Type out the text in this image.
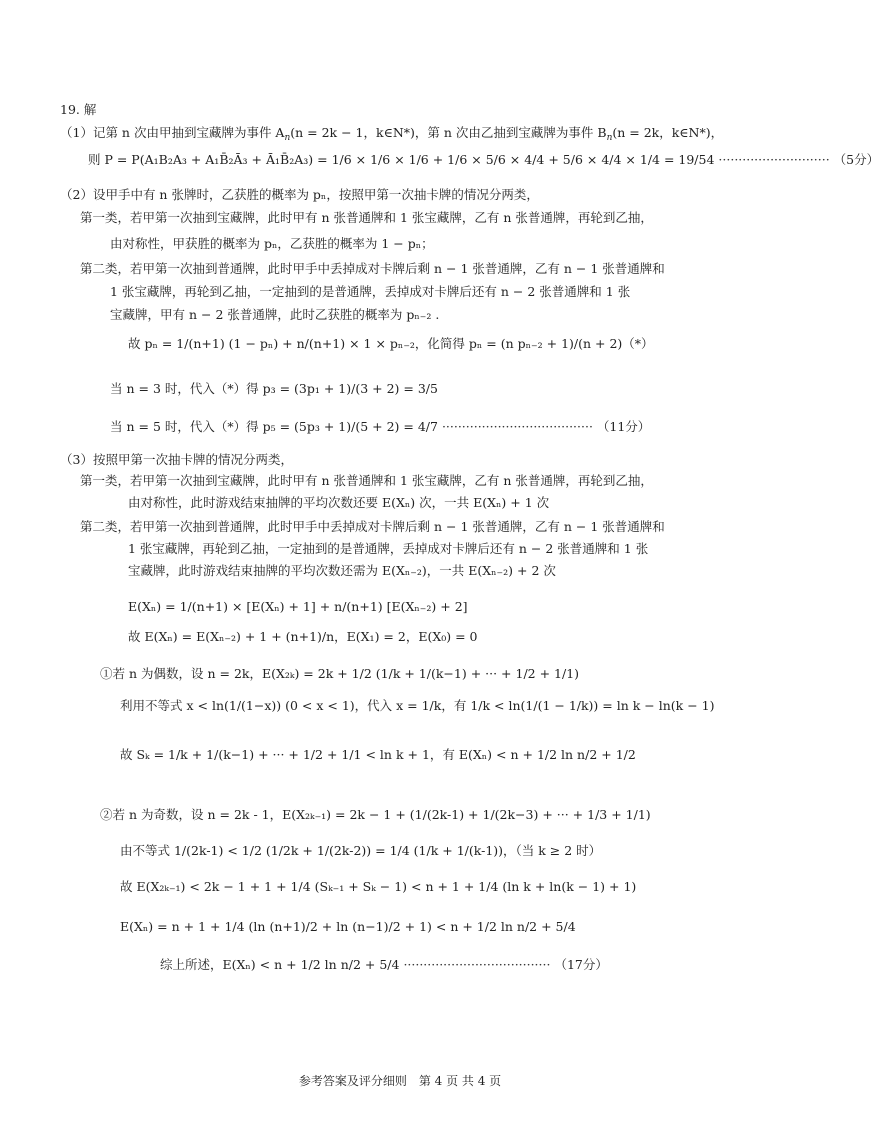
19. 解
（1）记第 n 次由甲抽到宝藏牌为事件 $A_n(n = 2k - 1$，k∈N*)，第 n 次由乙抽到宝藏牌为事件 $B_n(n = 2k$，k∈N*)，
则 P = P(A₁B₂A₃ + A₁B̄₂Ā₃ + Ā₁B̄₂A₃) = 1/6 × 1/6 × 1/6 + 1/6 × 5/6 × 4/4 + 5/6 × 4/4 × 1/4 = 19/54 ···························· （5分）
（2）设甲手中有 n 张牌时，乙获胜的概率为 pₙ，按照甲第一次抽卡牌的情况分两类，
第一类，若甲第一次抽到宝藏牌，此时甲有 n 张普通牌和 1 张宝藏牌，乙有 n 张普通牌，再轮到乙抽，
由对称性，甲获胜的概率为 pₙ，乙获胜的概率为 1 − pₙ；
第二类，若甲第一次抽到普通牌，此时甲手中丢掉成对卡牌后剩 n − 1 张普通牌，乙有 n − 1 张普通牌和
1 张宝藏牌，再轮到乙抽，一定抽到的是普通牌，丢掉成对卡牌后还有 n − 2 张普通牌和 1 张
宝藏牌，甲有 n − 2 张普通牌，此时乙获胜的概率为 pₙ₋₂ .
故 pₙ = 1/(n+1) (1 − pₙ) + n/(n+1) × 1 × pₙ₋₂，化简得 pₙ = (n pₙ₋₂ + 1)/(n + 2)（*）
当 n = 3 时，代入（*）得 p₃ = (3p₁ + 1)/(3 + 2) = 3/5
当 n = 5 时，代入（*）得 p₅ = (5p₃ + 1)/(5 + 2) = 4/7 ······································ （11分）
（3）按照甲第一次抽卡牌的情况分两类，
第一类，若甲第一次抽到宝藏牌，此时甲有 n 张普通牌和 1 张宝藏牌，乙有 n 张普通牌，再轮到乙抽，
由对称性，此时游戏结束抽牌的平均次数还要 E(Xₙ) 次，一共 E(Xₙ) + 1 次
第二类，若甲第一次抽到普通牌，此时甲手中丢掉成对卡牌后剩 n − 1 张普通牌，乙有 n − 1 张普通牌和
1 张宝藏牌，再轮到乙抽，一定抽到的是普通牌，丢掉成对卡牌后还有 n − 2 张普通牌和 1 张
宝藏牌，此时游戏结束抽牌的平均次数还需为 E(Xₙ₋₂)，一共 E(Xₙ₋₂) + 2 次
E(Xₙ) = 1/(n+1) × [E(Xₙ) + 1] + n/(n+1) [E(Xₙ₋₂) + 2]
故 E(Xₙ) = E(Xₙ₋₂) + 1 + (n+1)/n，E(X₁) = 2，E(X₀) = 0
①若 n 为偶数，设 n = 2k，E(X₂ₖ) = 2k + 1/2 (1/k + 1/(k−1) + ··· + 1/2 + 1/1)
利用不等式 x < ln(1/(1−x)) (0 < x < 1)，代入 x = 1/k，有 1/k < ln(1/(1 − 1/k)) = ln k − ln(k − 1)
故 Sₖ = 1/k + 1/(k−1) + ··· + 1/2 + 1/1 < ln k + 1，有 E(Xₙ) < n + 1/2 ln n/2 + 1/2
②若 n 为奇数，设 n = 2k - 1，E(X₂ₖ₋₁) = 2k − 1 + (1/(2k-1) + 1/(2k−3) + ··· + 1/3 + 1/1)
由不等式 1/(2k-1) < 1/2 (1/2k + 1/(2k-2)) = 1/4 (1/k + 1/(k-1))，（当 k ≥ 2 时）
故 E(X₂ₖ₋₁) < 2k − 1 + 1 + 1/4 (Sₖ₋₁ + Sₖ − 1) < n + 1 + 1/4 (ln k + ln(k − 1) + 1)
E(Xₙ) = n + 1 + 1/4 (ln (n+1)/2 + ln (n−1)/2 + 1) < n + 1/2 ln n/2 + 5/4
综上所述，E(Xₙ) < n + 1/2 ln n/2 + 5/4 ····································· （17分）
参考答案及评分细则　第 4 页 共 4 页
